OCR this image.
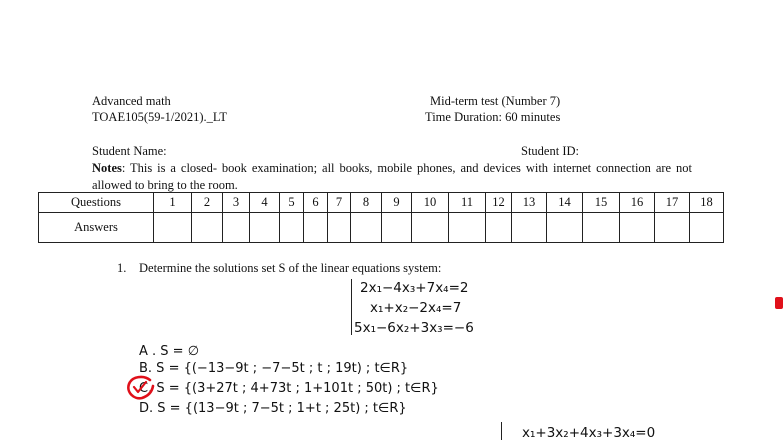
Advanced math
TOAE105(59-1/2021)._LT
Mid-term test (Number 7)
Time Duration: 60 minutes
Student Name:	Student ID:
Notes: This is a closed- book examination; all books, mobile phones, and devices with internet connection are not allowed to bring to the room.
Questions	1	2	3	4	5	6	7	8	9	10	11	12	13	14	15	16	17	18
Answers																		
1. Determine the solutions set S of the linear equations system:
2x₁−4x₃+7x₄=2
x₁+x₂−2x₄=7
5x₁−6x₂+3x₃=−6
A . S = ∅
B. S = {(−13−9t ; −7−5t ; t ; 19t) ; t∈R}
C. S = {(3+27t ; 4+73t ; 1+101t ; 50t) ; t∈R}
D. S = {(13−9t ; 7−5t ; 1+t ; 25t) ; t∈R}
x₁+3x₂+4x₃+3x₄=0
